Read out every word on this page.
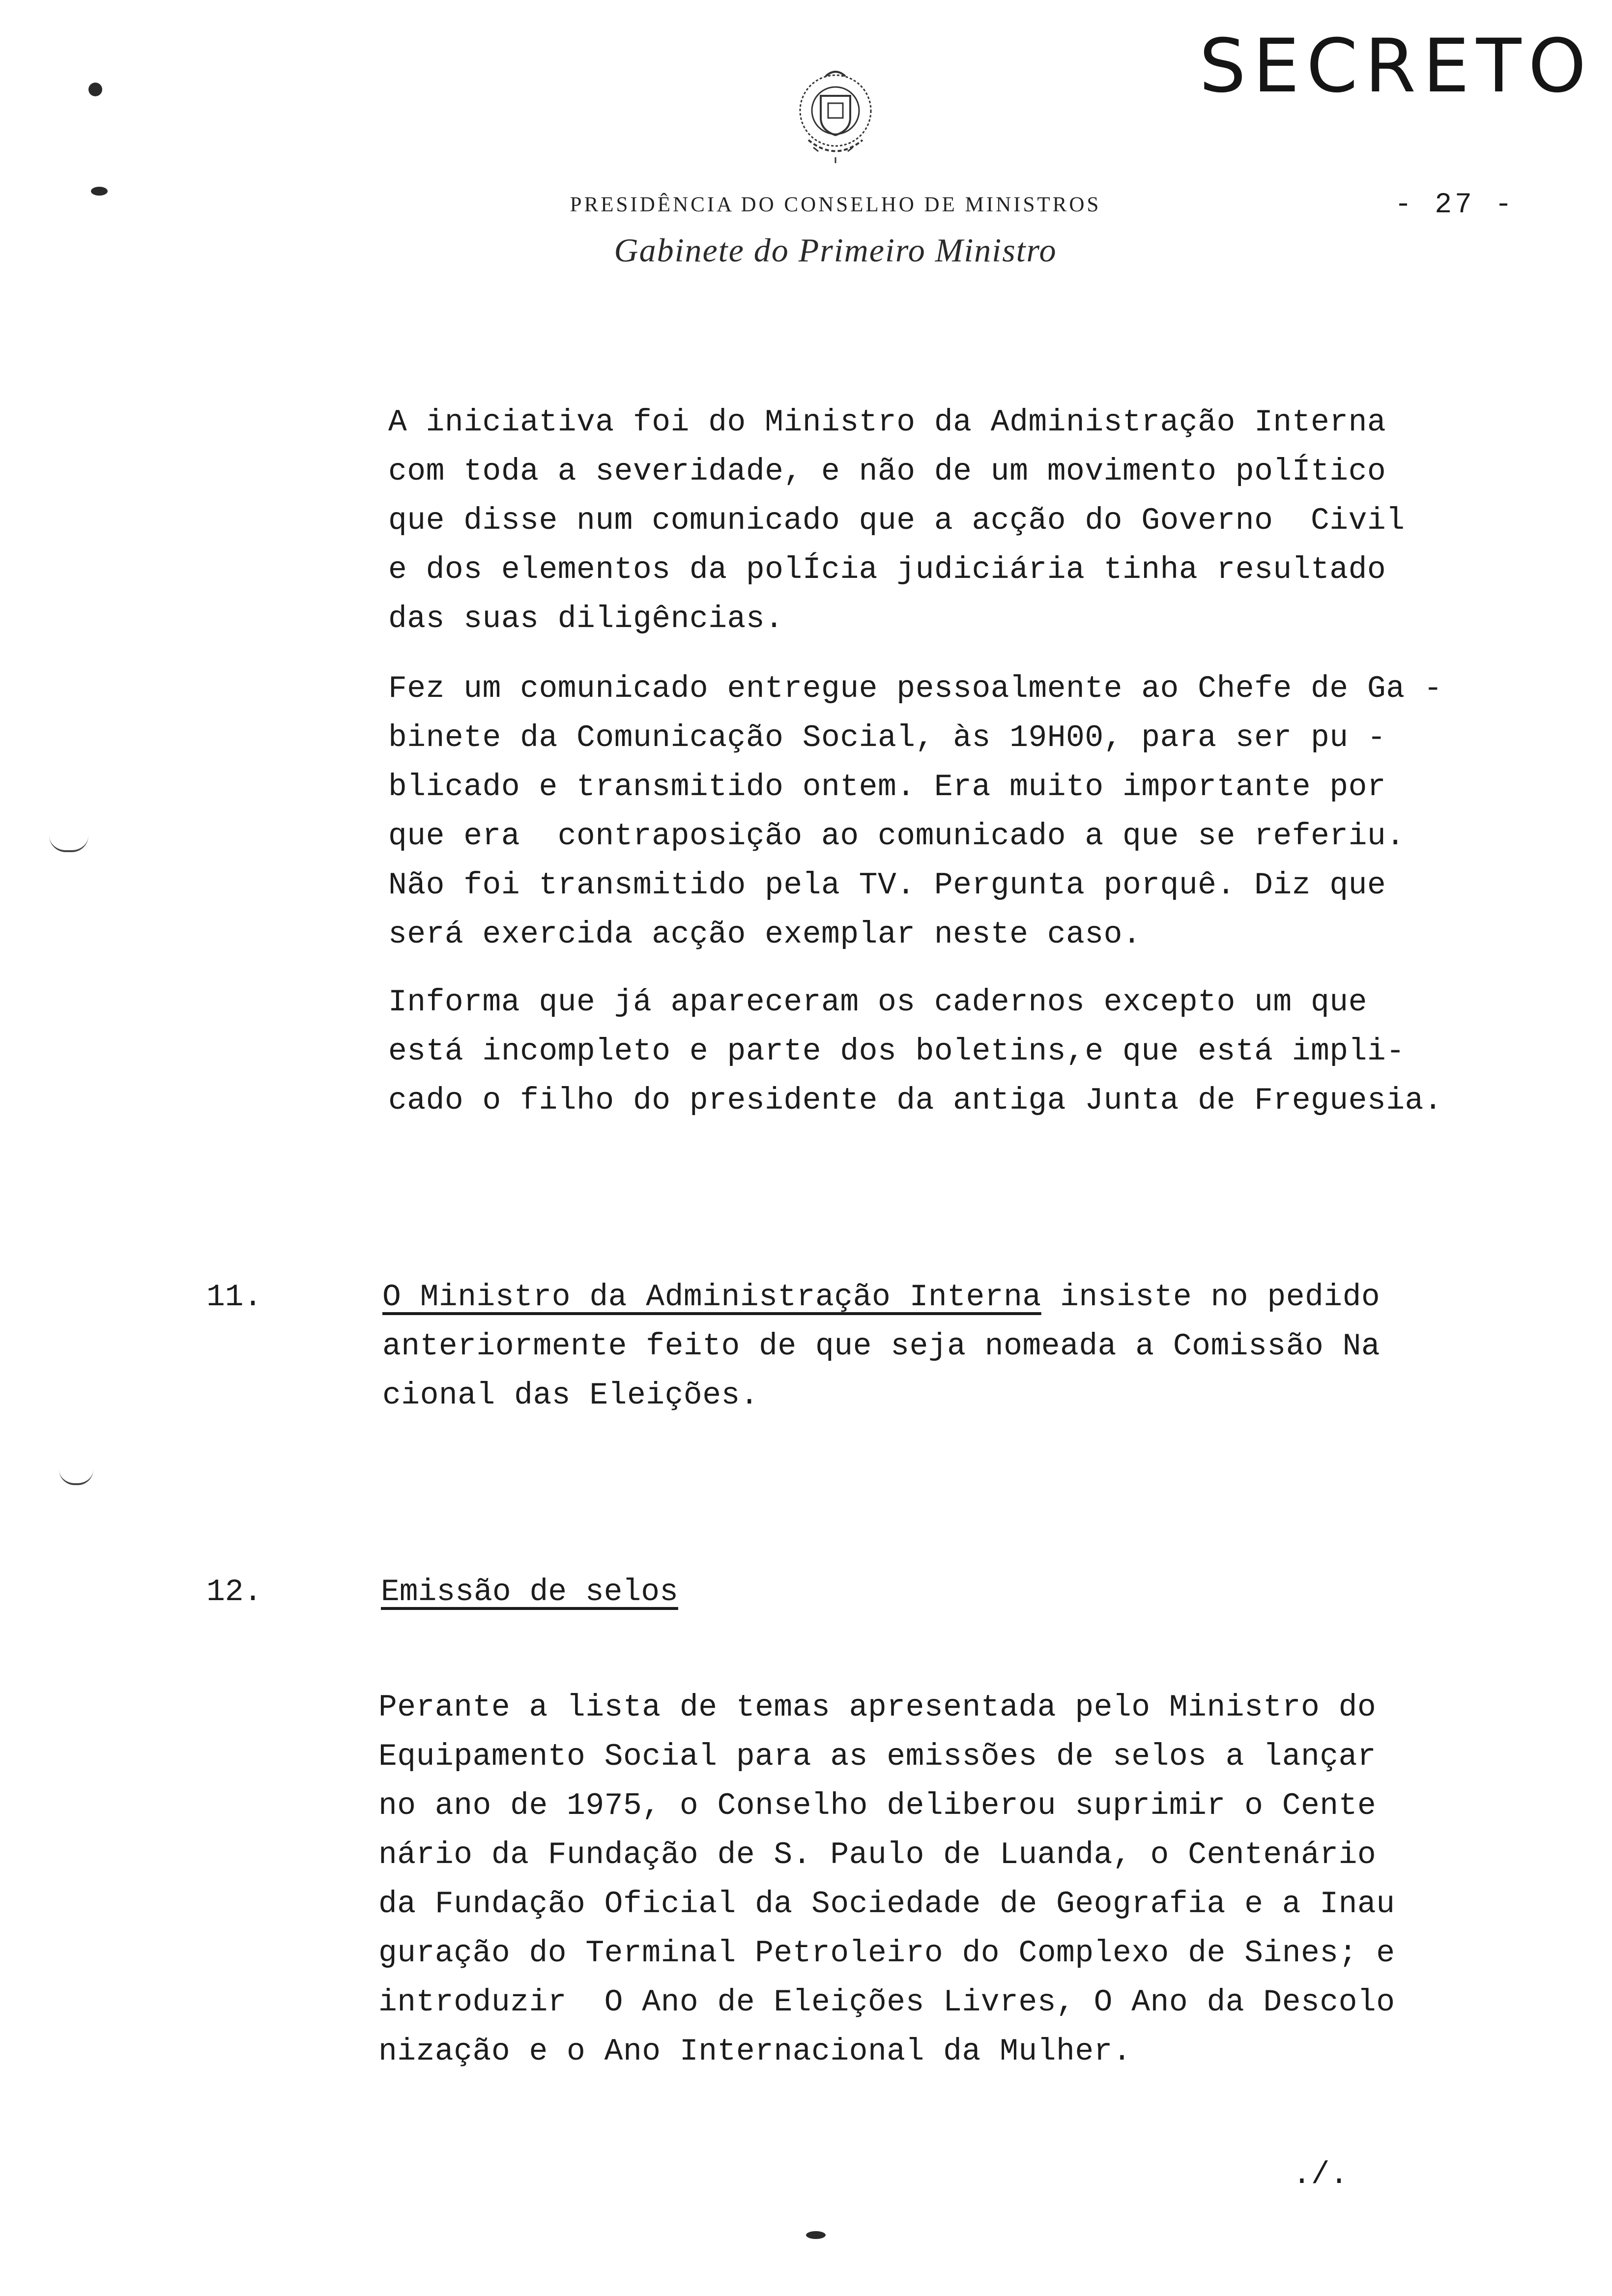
SECRETO
PRESIDÊNCIA DO CONSELHO DE MINISTROS
Gabinete do Primeiro Ministro
- 27 -

A iniciativa foi do Ministro da Administração Interna

com toda a severidade, e não de um movimento polÍtico

que disse num comunicado que a acção do Governo  Civil

e dos elementos da polÍcia judiciária tinha resultado

das suas diligências.

Fez um comunicado entregue pessoalmente ao Chefe de Ga -

binete da Comunicação Social, às 19H00, para ser pu -

blicado e transmitido ontem. Era muito importante por

que era  contraposição ao comunicado a que se referiu.

Não foi transmitido pela TV. Pergunta porquê. Diz que

será exercida acção exemplar neste caso.

Informa que já apareceram os cadernos excepto um que

está incompleto e parte dos boletins,e que está impli-

cado o filho do presidente da antiga Junta de Freguesia.

11.	O Ministro da Administração Interna insiste no pedido

anteriormente feito de que seja nomeada a Comissão Na

cional das Eleições.

12.	Emissão de selos

Perante a lista de temas apresentada pelo Ministro do

Equipamento Social para as emissões de selos a lançar

no ano de 1975, o Conselho deliberou suprimir o Cente

nário da Fundação de S. Paulo de Luanda, o Centenário

da Fundação Oficial da Sociedade de Geografia e a Inau

guração do Terminal Petroleiro do Complexo de Sines; e

introduzir  O Ano de Eleições Livres, O Ano da Descolo

nização e o Ano Internacional da Mulher.

./.
